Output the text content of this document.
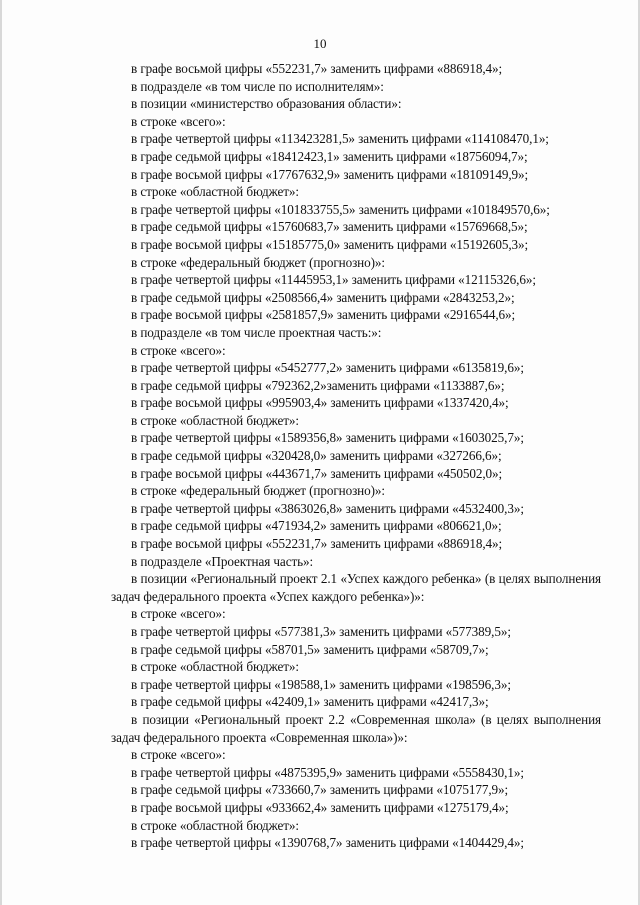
10
в графе восьмой цифры «552231,7» заменить цифрами «886918,4»;
в подразделе «в том числе по исполнителям»:
в позиции «министерство образования области»:
в строке «всего»:
в графе четвертой цифры «113423281,5» заменить цифрами «114108470,1»;
в графе седьмой цифры «18412423,1» заменить цифрами «18756094,7»;
в графе восьмой цифры «17767632,9» заменить цифрами «18109149,9»;
в строке «областной бюджет»:
в графе четвертой цифры «101833755,5» заменить цифрами «101849570,6»;
в графе седьмой цифры «15760683,7» заменить цифрами «15769668,5»;
в графе восьмой цифры «15185775,0» заменить цифрами «15192605,3»;
в строке «федеральный бюджет (прогнозно)»:
в графе четвертой цифры «11445953,1» заменить цифрами «12115326,6»;
в графе седьмой цифры «2508566,4» заменить цифрами «2843253,2»;
в графе восьмой цифры «2581857,9» заменить цифрами «2916544,6»;
в подразделе «в том числе проектная часть:»:
в строке «всего»:
в графе четвертой цифры «5452777,2» заменить цифрами «6135819,6»;
в графе седьмой цифры «792362,2»заменить цифрами «1133887,6»;
в графе восьмой цифры «995903,4» заменить цифрами «1337420,4»;
в строке «областной бюджет»:
в графе четвертой цифры «1589356,8» заменить цифрами «1603025,7»;
в графе седьмой цифры «320428,0» заменить цифрами «327266,6»;
в графе восьмой цифры «443671,7» заменить цифрами «450502,0»;
в строке «федеральный бюджет (прогнозно)»:
в графе четвертой цифры «3863026,8» заменить цифрами «4532400,3»;
в графе седьмой цифры «471934,2» заменить цифрами «806621,0»;
в графе восьмой цифры «552231,7» заменить цифрами «886918,4»;
в подразделе «Проектная часть»:
в позиции «Региональный проект 2.1 «Успех каждого ребенка» (в целях выполнения задач федерального проекта «Успех каждого ребенка»)»:
в строке «всего»:
в графе четвертой цифры «577381,3» заменить цифрами «577389,5»;
в графе седьмой цифры «58701,5» заменить цифрами «58709,7»;
в строке «областной бюджет»:
в графе четвертой цифры «198588,1» заменить цифрами «198596,3»;
в графе седьмой цифры «42409,1» заменить цифрами «42417,3»;
в позиции «Региональный проект 2.2 «Современная школа» (в целях выполнения задач федерального проекта «Современная школа»)»:
в строке «всего»:
в графе четвертой цифры «4875395,9» заменить цифрами «5558430,1»;
в графе седьмой цифры «733660,7» заменить цифрами «1075177,9»;
в графе восьмой цифры «933662,4» заменить цифрами «1275179,4»;
в строке «областной бюджет»:
в графе четвертой цифры «1390768,7» заменить цифрами «1404429,4»;
